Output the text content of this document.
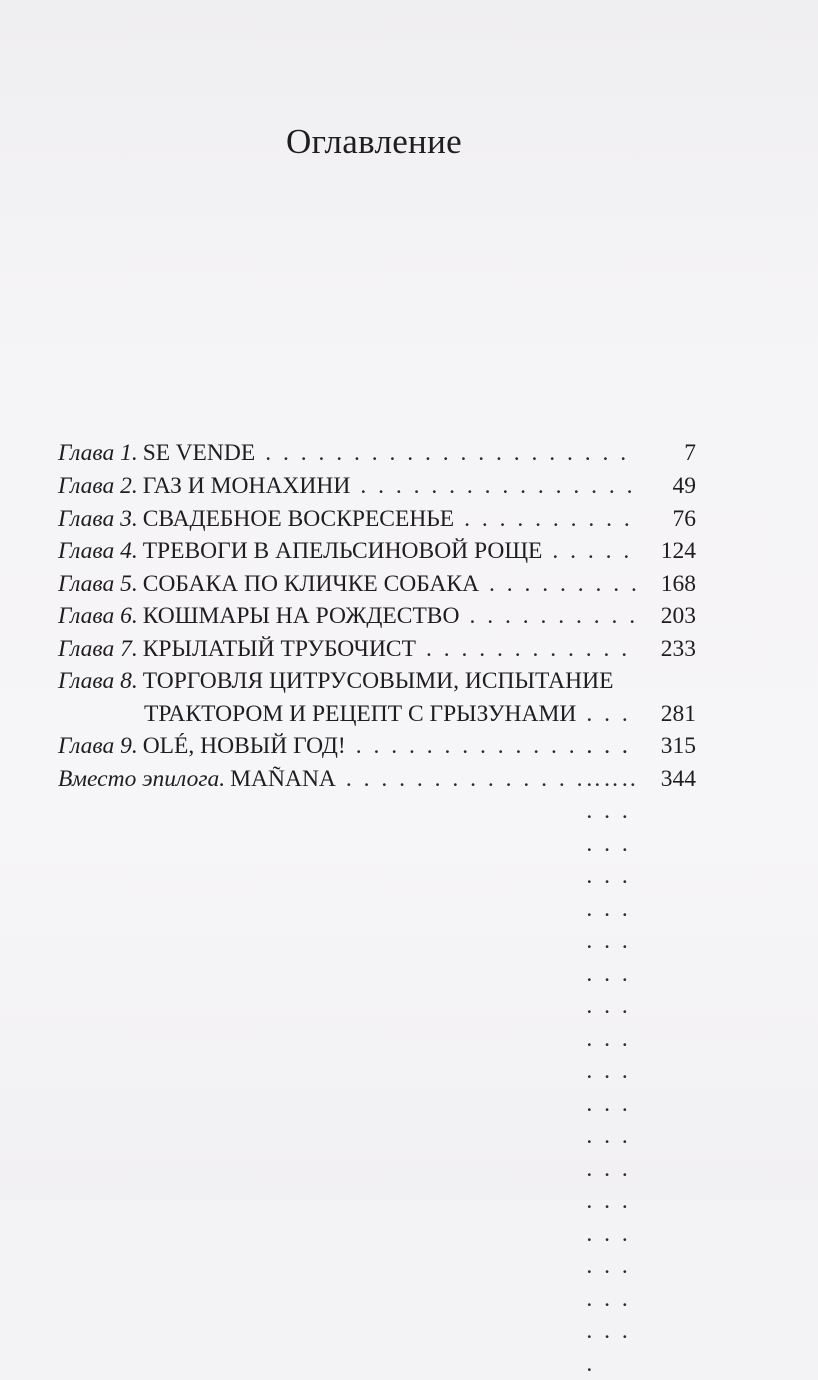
Оглавление
Глава 1. SE VENDE . . .	7
Глава 2. ГАЗ И МОНАХИНИ . . .	49
Глава 3. СВАДЕБНОЕ ВОСКРЕСЕНЬЕ . . .	76
Глава 4. ТРЕВОГИ В АПЕЛЬСИНОВОЙ РОЩЕ . . .	124
Глава 5. СОБАКА ПО КЛИЧКЕ СОБАКА . . .	168
Глава 6. КОШМАРЫ НА РОЖДЕСТВО . . .	203
Глава 7. КРЫЛАТЫЙ ТРУБОЧИСТ . . .	233
Глава 8. ТОРГОВЛЯ ЦИТРУСОВЫМИ, ИСПЫТАНИЕ
ТРАКТОРОМ И РЕЦЕПТ С ГРЫЗУНАМИ . . .	281
Глава 9. OLÉ, НОВЫЙ ГОД! . . .	315
Вместо эпилога. MAÑANA . . .	344
